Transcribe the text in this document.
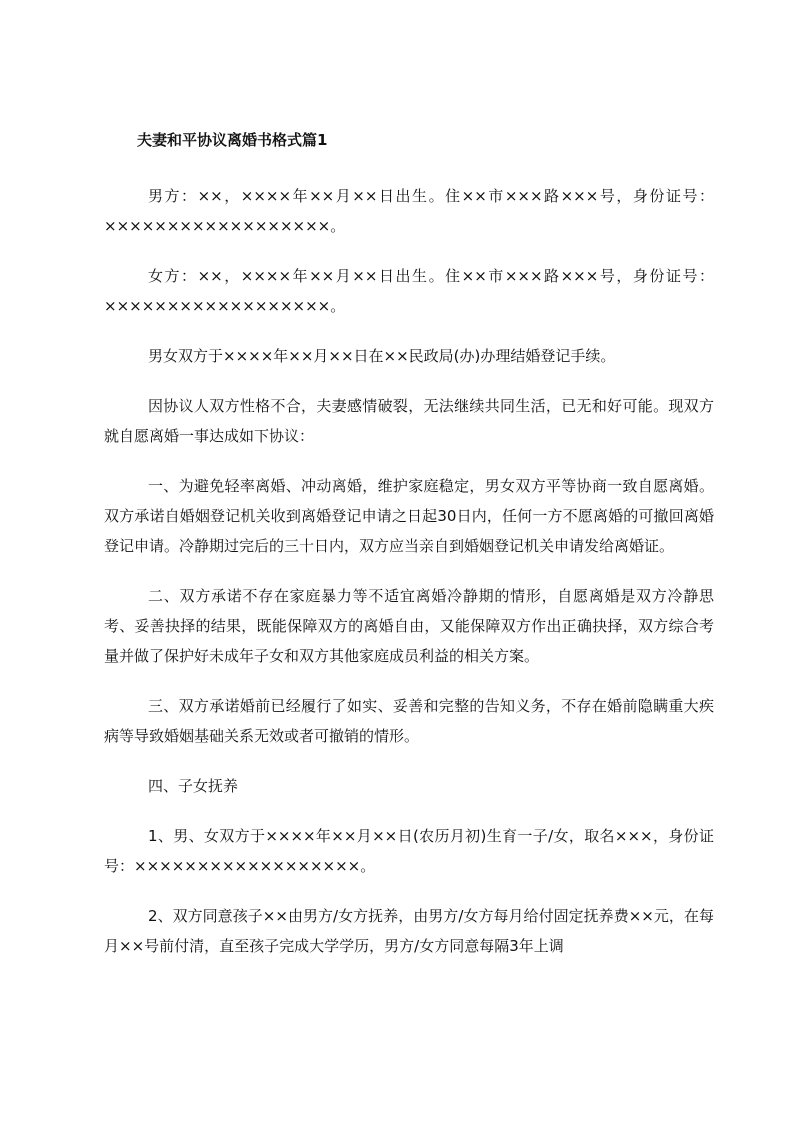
夫妻和平协议离婚书格式篇1

男方：××，××××年××月××日出生。住××市×××路×××号，身份证号：××××××××××××××××××。

女方：××，××××年××月××日出生。住××市×××路×××号，身份证号：××××××××××××××××××。

男女双方于××××年××月××日在××民政局(办)办理结婚登记手续。

因协议人双方性格不合，夫妻感情破裂，无法继续共同生活，已无和好可能。现双方就自愿离婚一事达成如下协议：

一、为避免轻率离婚、冲动离婚，维护家庭稳定，男女双方平等协商一致自愿离婚。双方承诺自婚姻登记机关收到离婚登记申请之日起30日内，任何一方不愿离婚的可撤回离婚登记申请。冷静期过完后的三十日内，双方应当亲自到婚姻登记机关申请发给离婚证。

二、双方承诺不存在家庭暴力等不适宜离婚冷静期的情形，自愿离婚是双方冷静思考、妥善抉择的结果，既能保障双方的离婚自由，又能保障双方作出正确抉择，双方综合考量并做了保护好未成年子女和双方其他家庭成员利益的相关方案。

三、双方承诺婚前已经履行了如实、妥善和完整的告知义务，不存在婚前隐瞒重大疾病等导致婚姻基础关系无效或者可撤销的情形。

四、子女抚养

1、男、女双方于××××年××月××日(农历月初)生育一子/女，取名×××，身份证号：××××××××××××××××××。

2、双方同意孩子××由男方/女方抚养，由男方/女方每月给付固定抚养费××元，在每月××号前付清，直至孩子完成大学学历，男方/女方同意每隔3年上调
